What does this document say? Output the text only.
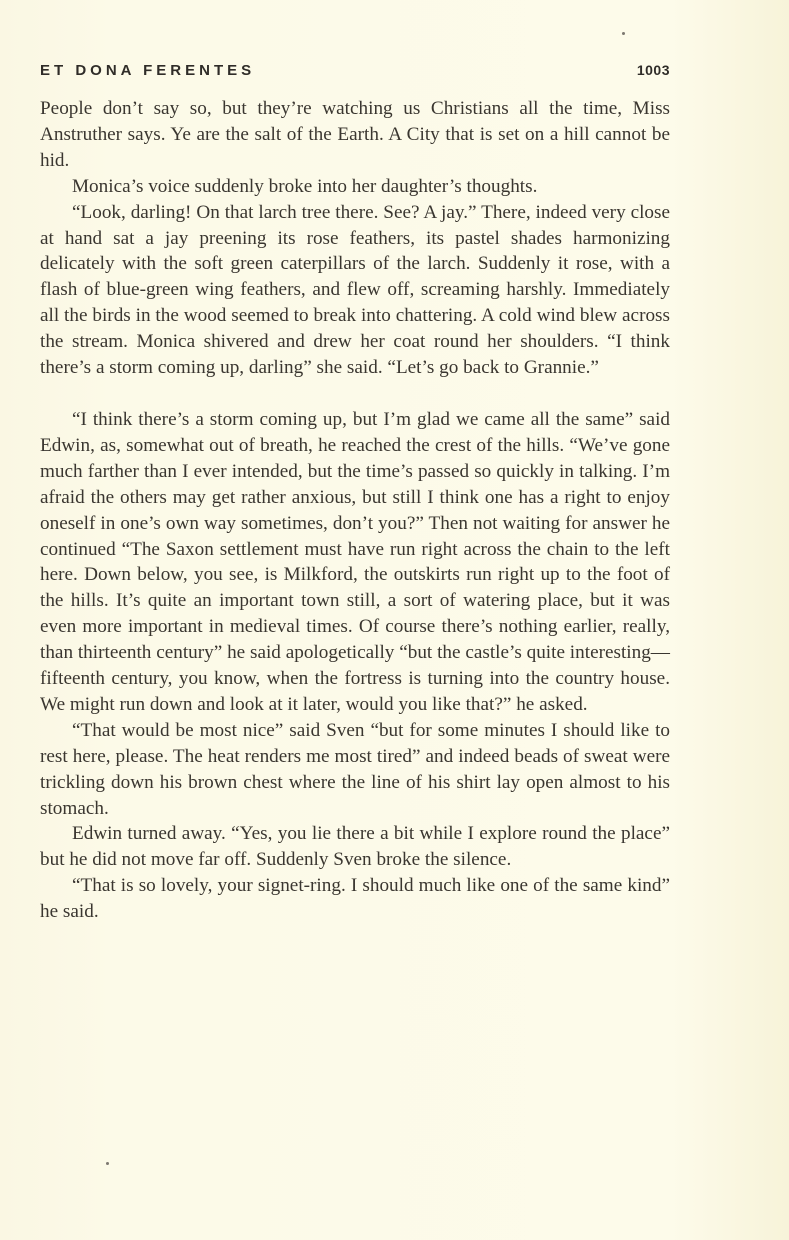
ET DONA FERENTES	1003

People don’t say so, but they’re watching us Christians all the time, Miss Anstruther says. Ye are the salt of the Earth. A City that is set on a hill cannot be hid.

Monica’s voice suddenly broke into her daughter’s thoughts.

“Look, darling! On that larch tree there. See? A jay.” There, indeed very close at hand sat a jay preening its rose feathers, its pastel shades harmonizing delicately with the soft green caterpillars of the larch. Suddenly it rose, with a flash of blue-green wing feathers, and flew off, screaming harshly. Immediately all the birds in the wood seemed to break into chattering. A cold wind blew across the stream. Monica shivered and drew her coat round her shoulders. “I think there’s a storm coming up, darling” she said. “Let’s go back to Grannie.”

“I think there’s a storm coming up, but I’m glad we came all the same” said Edwin, as, somewhat out of breath, he reached the crest of the hills. “We’ve gone much farther than I ever intended, but the time’s passed so quickly in talking. I’m afraid the others may get rather anxious, but still I think one has a right to enjoy oneself in one’s own way sometimes, don’t you?” Then not waiting for answer he continued “The Saxon settlement must have run right across the chain to the left here. Down below, you see, is Milkford, the outskirts run right up to the foot of the hills. It’s quite an important town still, a sort of watering place, but it was even more important in medieval times. Of course there’s nothing earlier, really, than thirteenth century” he said apologetically “but the castle’s quite interesting—fifteenth century, you know, when the fortress is turning into the country house. We might run down and look at it later, would you like that?” he asked.

“That would be most nice” said Sven “but for some minutes I should like to rest here, please. The heat renders me most tired” and indeed beads of sweat were trickling down his brown chest where the line of his shirt lay open almost to his stomach.

Edwin turned away. “Yes, you lie there a bit while I explore round the place” but he did not move far off. Suddenly Sven broke the silence.

“That is so lovely, your signet-ring. I should much like one of the same kind” he said.
